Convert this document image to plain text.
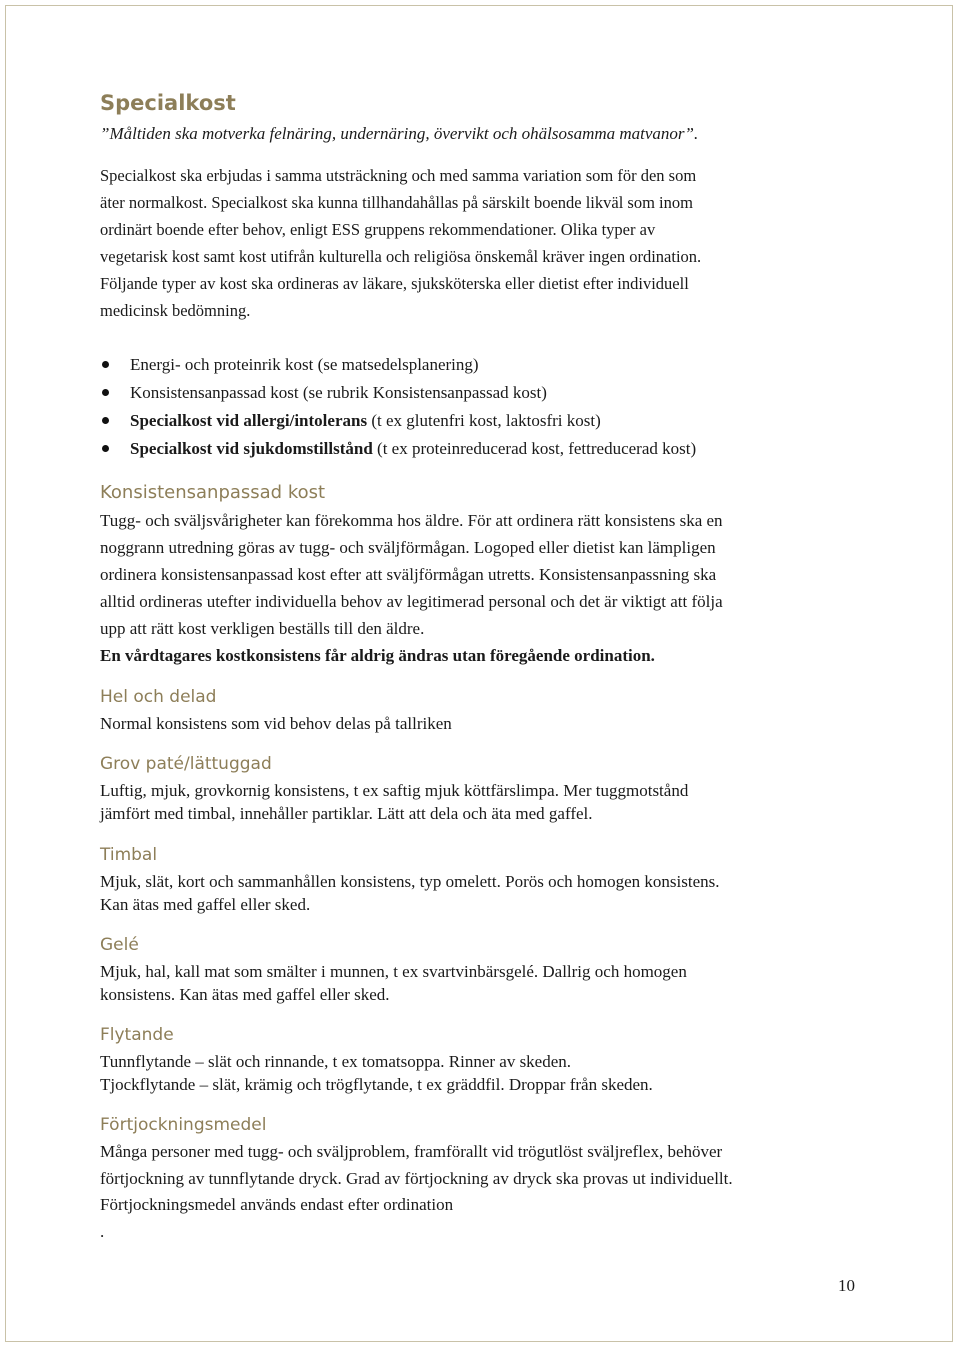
Specialkost
”Måltiden ska motverka felnäring, undernäring, övervikt och ohälsosamma matvanor”.
Specialkost ska erbjudas i samma utsträckning och med samma variation som för den som
äter normalkost. Specialkost ska kunna tillhandahållas på särskilt boende likväl som inom
ordinärt boende efter behov, enligt ESS gruppens rekommendationer. Olika typer av
vegetarisk kost samt kost utifrån kulturella och religiösa önskemål kräver ingen ordination.
Följande typer av kost ska ordineras av läkare, sjuksköterska eller dietist efter individuell
medicinsk bedömning.
Energi- och proteinrik kost (se matsedelsplanering)
Konsistensanpassad kost (se rubrik Konsistensanpassad kost)
Specialkost vid allergi/intolerans (t ex glutenfri kost, laktosfri kost)
Specialkost vid sjukdomstillstånd (t ex proteinreducerad kost, fettreducerad kost)
Konsistensanpassad kost
Tugg- och sväljsvårigheter kan förekomma hos äldre. För att ordinera rätt konsistens ska en
noggrann utredning göras av tugg- och sväljförmågan. Logoped eller dietist kan lämpligen
ordinera konsistensanpassad kost efter att sväljförmågan utretts. Konsistensanpassning ska
alltid ordineras utefter individuella behov av legitimerad personal och det är viktigt att följa
upp att rätt kost verkligen beställs till den äldre.
En vårdtagares kostkonsistens får aldrig ändras utan föregående ordination.
Hel och delad
Normal konsistens som vid behov delas på tallriken
Grov paté/lättuggad
Luftig, mjuk, grovkornig konsistens, t ex saftig mjuk köttfärslimpa. Mer tuggmotstånd
jämfört med timbal, innehåller partiklar. Lätt att dela och äta med gaffel.
Timbal
Mjuk, slät, kort och sammanhållen konsistens, typ omelett. Porös och homogen konsistens.
Kan ätas med gaffel eller sked.
Gelé
Mjuk, hal, kall mat som smälter i munnen, t ex svartvinbärsgelé. Dallrig och homogen
konsistens. Kan ätas med gaffel eller sked.
Flytande
Tunnflytande – slät och rinnande, t ex tomatsoppa. Rinner av skeden.
Tjockflytande – slät, krämig och trögflytande, t ex gräddfil. Droppar från skeden.
Förtjockningsmedel
Många personer med tugg- och sväljproblem, framförallt vid trögutlöst sväljreflex, behöver
förtjockning av tunnflytande dryck. Grad av förtjockning av dryck ska provas ut individuellt.
Förtjockningsmedel används endast efter ordination
.
10
